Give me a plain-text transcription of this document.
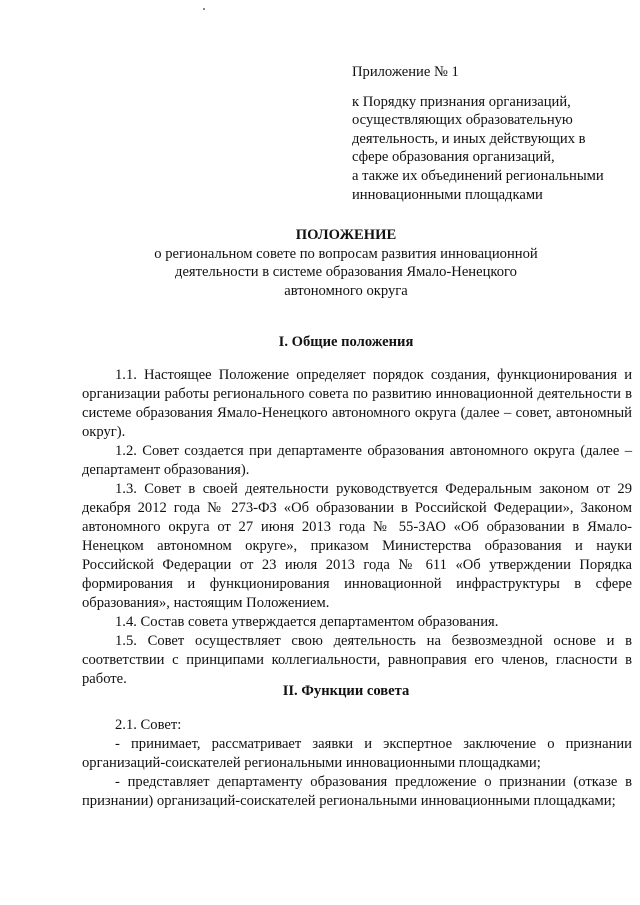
Приложение № 1
к Порядку признания организаций,
осуществляющих образовательную
деятельность, и иных действующих в
сфере образования организаций,
а также их объединений региональными
инновационными площадками
ПОЛОЖЕНИЕ
о региональном совете по вопросам развития инновационной
деятельности в системе образования Ямало-Ненецкого
автономного округа
I. Общие положения

1.1. Настоящее Положение определяет порядок создания, функционирования и организации работы регионального совета по развитию инновационной деятельности в системе образования Ямало-Ненецкого автономного округа (далее – совет, автономный округ).

1.2. Совет создается при департаменте образования автономного округа (далее – департамент образования).

1.3. Совет в своей деятельности руководствуется Федеральным законом от 29 декабря 2012 года № 273-ФЗ «Об образовании в Российской Федерации», Законом автономного округа от 27 июня 2013 года № 55-ЗАО «Об образовании в Ямало-Ненецком автономном округе», приказом Министерства образования и науки Российской Федерации от 23 июля 2013 года № 611 «Об утверждении Порядка формирования и функционирования инновационной инфраструктуры в сфере образования», настоящим Положением.

1.4. Состав совета утверждается департаментом образования.

1.5. Совет осуществляет свою деятельность на безвозмездной основе и в соответствии с принципами коллегиальности, равноправия его членов, гласности в работе.

II. Функции совета

2.1. Совет:

- принимает, рассматривает заявки и экспертное заключение о признании организаций-соискателей региональными инновационными площадками;

- представляет департаменту образования предложение о признании (отказе в признании) организаций-соискателей региональными инновационными площадками;
